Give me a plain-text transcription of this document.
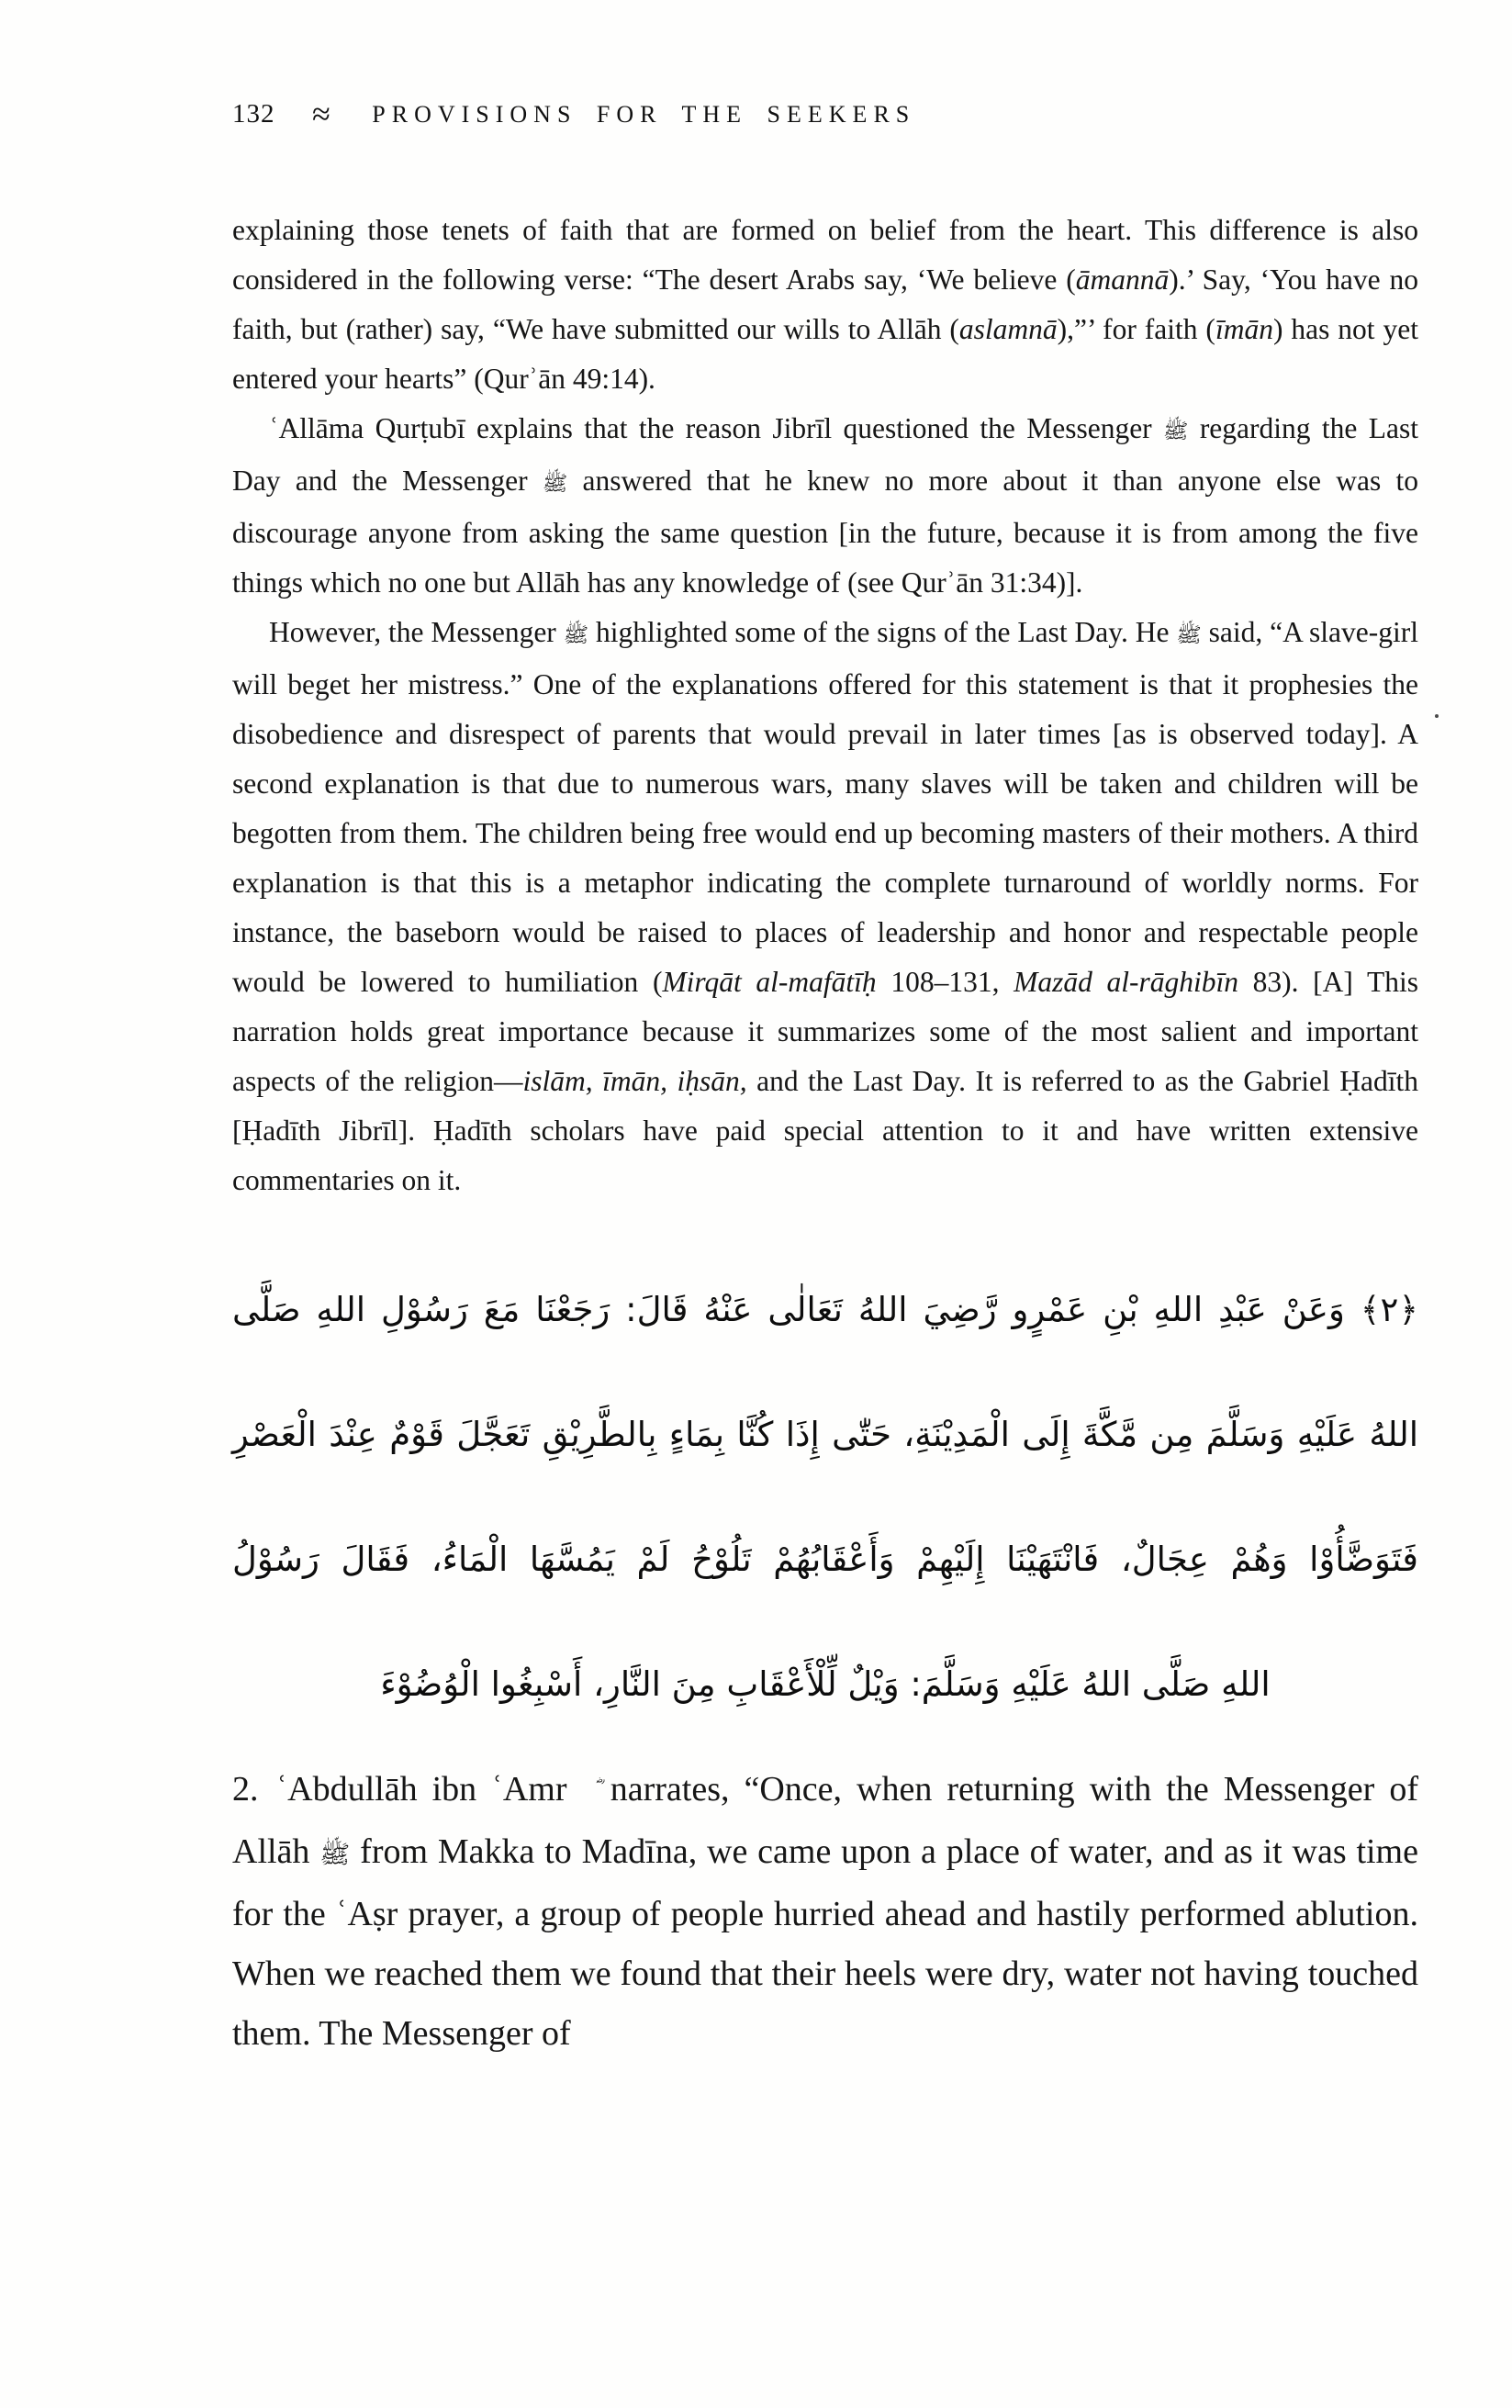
132 ≈ PROVISIONS FOR THE SEEKERS

explaining those tenets of faith that are formed on belief from the heart. This difference is also considered in the following verse: “The desert Arabs say, ‘We believe (āmannā).’ Say, ‘You have no faith, but (rather) say, “We have submitted our wills to Allāh (aslamnā),”’ for faith (īmān) has not yet entered your hearts” (Qurʾān 49:14).

ʿAllāma Qurṭubī explains that the reason Jibrīl questioned the Messenger ﷺ regarding the Last Day and the Messenger ﷺ answered that he knew no more about it than anyone else was to discourage anyone from asking the same question [in the future, because it is from among the five things which no one but Allāh has any knowledge of (see Qurʾān 31:34)].

However, the Messenger ﷺ highlighted some of the signs of the Last Day. He ﷺ said, “A slave-girl will beget her mistress.” One of the explanations offered for this statement is that it prophesies the disobedience and disrespect of parents that would prevail in later times [as is observed today]. A second explanation is that due to numerous wars, many slaves will be taken and children will be begotten from them. The children being free would end up becoming masters of their mothers. A third explanation is that this is a metaphor indicating the complete turnaround of worldly norms. For instance, the baseborn would be raised to places of leadership and honor and respectable people would be lowered to humiliation (Mirqāt al-mafātīḥ 108–131, Mazād al-rāghibīn 83). [A] This narration holds great importance because it summarizes some of the most salient and important aspects of the religion—islām, īmān, iḥsān, and the Last Day. It is referred to as the Gabriel Ḥadīth [Ḥadīth Jibrīl]. Ḥadīth scholars have paid special attention to it and have written extensive commentaries on it.

﴿٢﴾ وَعَنْ عَبْدِ اللهِ بْنِ عَمْرٍو رَّضِيَ اللهُ تَعَالٰى عَنْهُ قَالَ: رَجَعْنَا مَعَ رَسُوْلِ اللهِ صَلَّى
اللهُ عَلَيْهِ وَسَلَّمَ مِن مَّكَّةَ إِلَى الْمَدِيْنَةِ، حَتّٰى إِذَا كُنَّا بِمَاءٍ بِالطَّرِيْقِ تَعَجَّلَ قَوْمٌ عِنْدَ الْعَصْرِ
فَتَوَضَّأُوْا وَهُمْ عِجَالٌ، فَانْتَهَيْنَا إِلَيْهِمْ وَأَعْقَابُهُمْ تَلُوْحُ لَمْ يَمُسَّهَا الْمَاءُ، فَقَالَ رَسُوْلُ
اللهِ صَلَّى اللهُ عَلَيْهِ وَسَلَّمَ: وَيْلٌ لِّلْأَعْقَابِ مِنَ النَّارِ، أَسْبِغُوا الْوُضُوْءَ

2. ʿAbdullāh ibn ʿAmr  ؓ narrates, “Once, when returning with the Messenger of Allāh ﷺ from Makka to Madīna, we came upon a place of water, and as it was time for the ʿAṣr prayer, a group of people hurried ahead and hastily performed ablution. When we reached them we found that their heels were dry, water not having touched them. The Messenger of
